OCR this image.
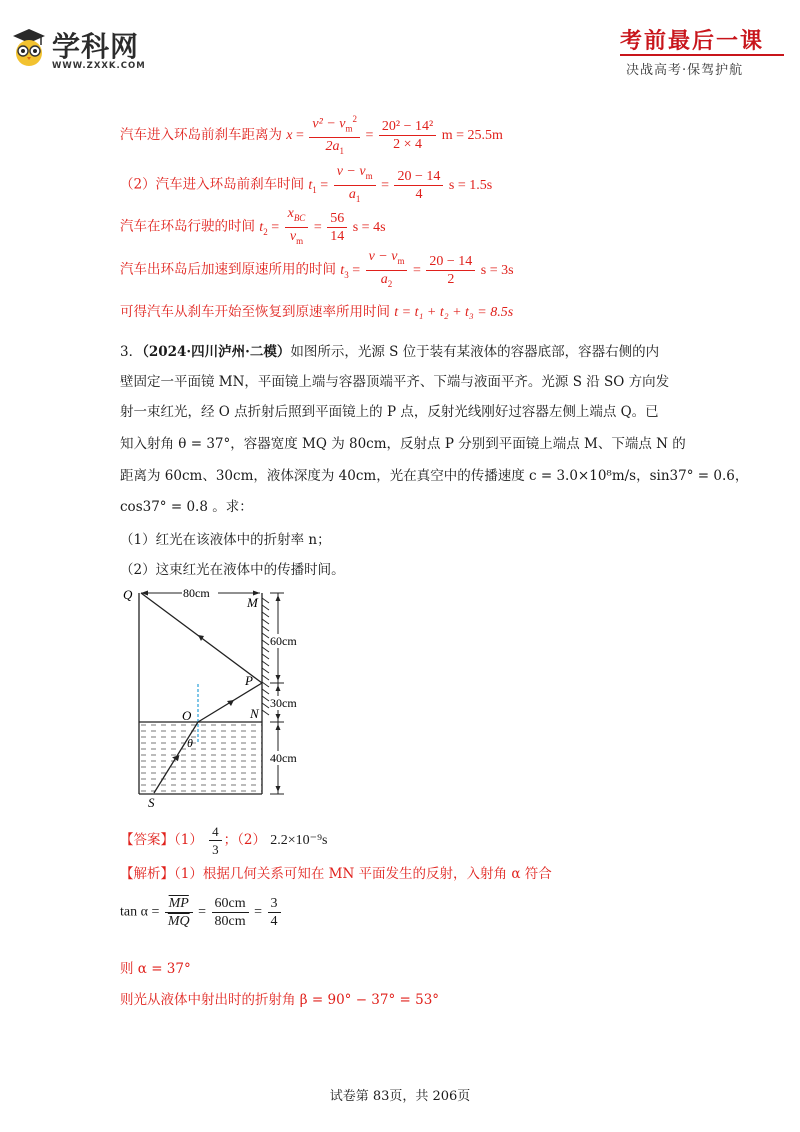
学科网
WWW.ZXXK.COM
考前最后一课
决战高考·保驾护航
汽车进入环岛前刹车距离为 $x = \frac{v^2 - v_m^2}{2a_1} = \frac{\text{20² − 14²}}{2 \times 4}$ m = 25.5m
（2）汽车进入环岛前刹车时间 $t_1 = \frac{v - v_m}{a_1} = \frac{20 - 14}{4}$ s = 1.5s
汽车在环岛行驶的时间 $t_2 = \frac{x_{BC}}{v_m} = \frac{56}{14}$ s = 4s
汽车出环岛后加速到原速所用的时间 $t_3 = \frac{v - v_m}{a_2} = \frac{20 - 14}{2}$ s = 3s
可得汽车从刹车开始至恢复到原速率所用时间 t = t₁ + t₂ + t₃ = 8.5s
3．（2024·四川泸州·二模）如图所示，光源 S 位于装有某液体的容器底部，容器右侧的内
壁固定一平面镜 MN，平面镜上端与容器顶端平齐、下端与液面平齐。光源 S 沿 SO 方向发
射一束红光，经 O 点折射后照到平面镜上的 P 点，反射光线刚好过容器左侧上端点 Q。已
知入射角 θ = 37°，容器宽度 MQ 为 80cm，反射点 P 分别到平面镜上端点 M、下端点 N 的
距离为 60cm、30cm，液体深度为 40cm，光在真空中的传播速度 c = 3.0×10⁸m/s，sin37° = 0.6，
cos37° = 0.8 。求：
（1）红光在该液体中的折射率 n；
（2）这束红光在液体中的传播时间。
Q
M
P
N
O
S
θ
80cm
60cm
30cm
40cm
【答案】$(1) \frac{4}{3}$ ；（2） 2.2×10⁻⁹s
【解析】（1）根据几何关系可知在 MN 平面发生的反射，入射角 α 符合
$\tan \alpha = \frac{\overline{MP}}{MQ} = \frac{60cm}{80cm} = \frac{3}{4}$
则 α = 37°
则光从液体中射出时的折射角 β = 90° − 37° = 53°
试卷第 83页，共 206页
